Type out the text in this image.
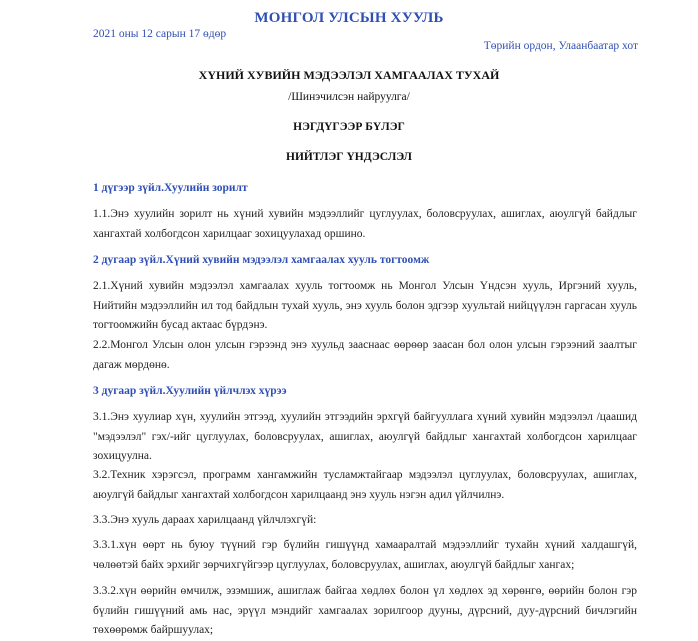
МОНГОЛ УЛСЫН ХУУЛЬ
2021 оны 12 сарын 17 өдөр
Төрийн ордон, Улаанбаатар хот
ХҮНИЙ ХУВИЙН МЭДЭЭЛЭЛ ХАМГААЛАХ ТУХАЙ
/Шинэчилсэн найруулга/
НЭГДҮГЭЭР БҮЛЭГ
НИЙТЛЭГ ҮНДЭСЛЭЛ
1 дүгээр зүйл.Хуулийн зорилт
1.1.Энэ хуулийн зорилт нь хүний хувийн мэдээллийг цуглуулах, боловсруулах, ашиглах, аюулгүй байдлыг хангахтай холбогдсон харилцааг зохицуулахад оршино.
2 дугаар зүйл.Хүний хувийн мэдээлэл хамгаалах хууль тогтоомж
2.1.Хүний хувийн мэдээлэл хамгаалах хууль тогтоомж нь Монгол Улсын Үндсэн хууль, Иргэний хууль, Нийтийн мэдээллийн ил тод байдлын тухай хууль, энэ хууль болон эдгээр хуультай нийцүүлэн гаргасан хууль тогтоомжийн бусад актаас бүрдэнэ.
2.2.Монгол Улсын олон улсын гэрээнд энэ хуульд зааснаас өөрөөр заасан бол олон улсын гэрээний заалтыг дагаж мөрдөнө.
3 дугаар зүйл.Хуулийн үйлчлэх хүрээ
3.1.Энэ хуулиар хүн, хуулийн этгээд, хуулийн этгээдийн эрхгүй байгууллага хүний хувийн мэдээлэл /цаашид "мэдээлэл" гэх/-ийг цуглуулах, боловсруулах, ашиглах, аюулгүй байдлыг хангахтай холбогдсон харилцааг зохицуулна.
3.2.Техник хэрэгсэл, программ хангамжийн тусламжтайгаар мэдээлэл цуглуулах, боловсруулах, ашиглах, аюулгүй байдлыг хангахтай холбогдсон харилцаанд энэ хууль нэгэн адил үйлчилнэ.
3.3.Энэ хууль дараах харилцаанд үйлчлэхгүй:
3.3.1.хүн өөрт нь буюу түүний гэр бүлийн гишүүнд хамааралтай мэдээллийг тухайн хүний халдашгүй, чөлөөтэй байх эрхийг зөрчихгүйгээр цуглуулах, боловсруулах, ашиглах, аюулгүй байдлыг хангах;
3.3.2.хүн өөрийн өмчилж, эзэмшиж, ашиглаж байгаа хөдлөх болон үл хөдлөх эд хөрөнгө, өөрийн болон гэр бүлийн гишүүний амь нас, эрүүл мэндийг хамгаалах зорилгоор дууны, дүрсний, дуу-дүрсний бичлэгийн төхөөрөмж байршуулах;
